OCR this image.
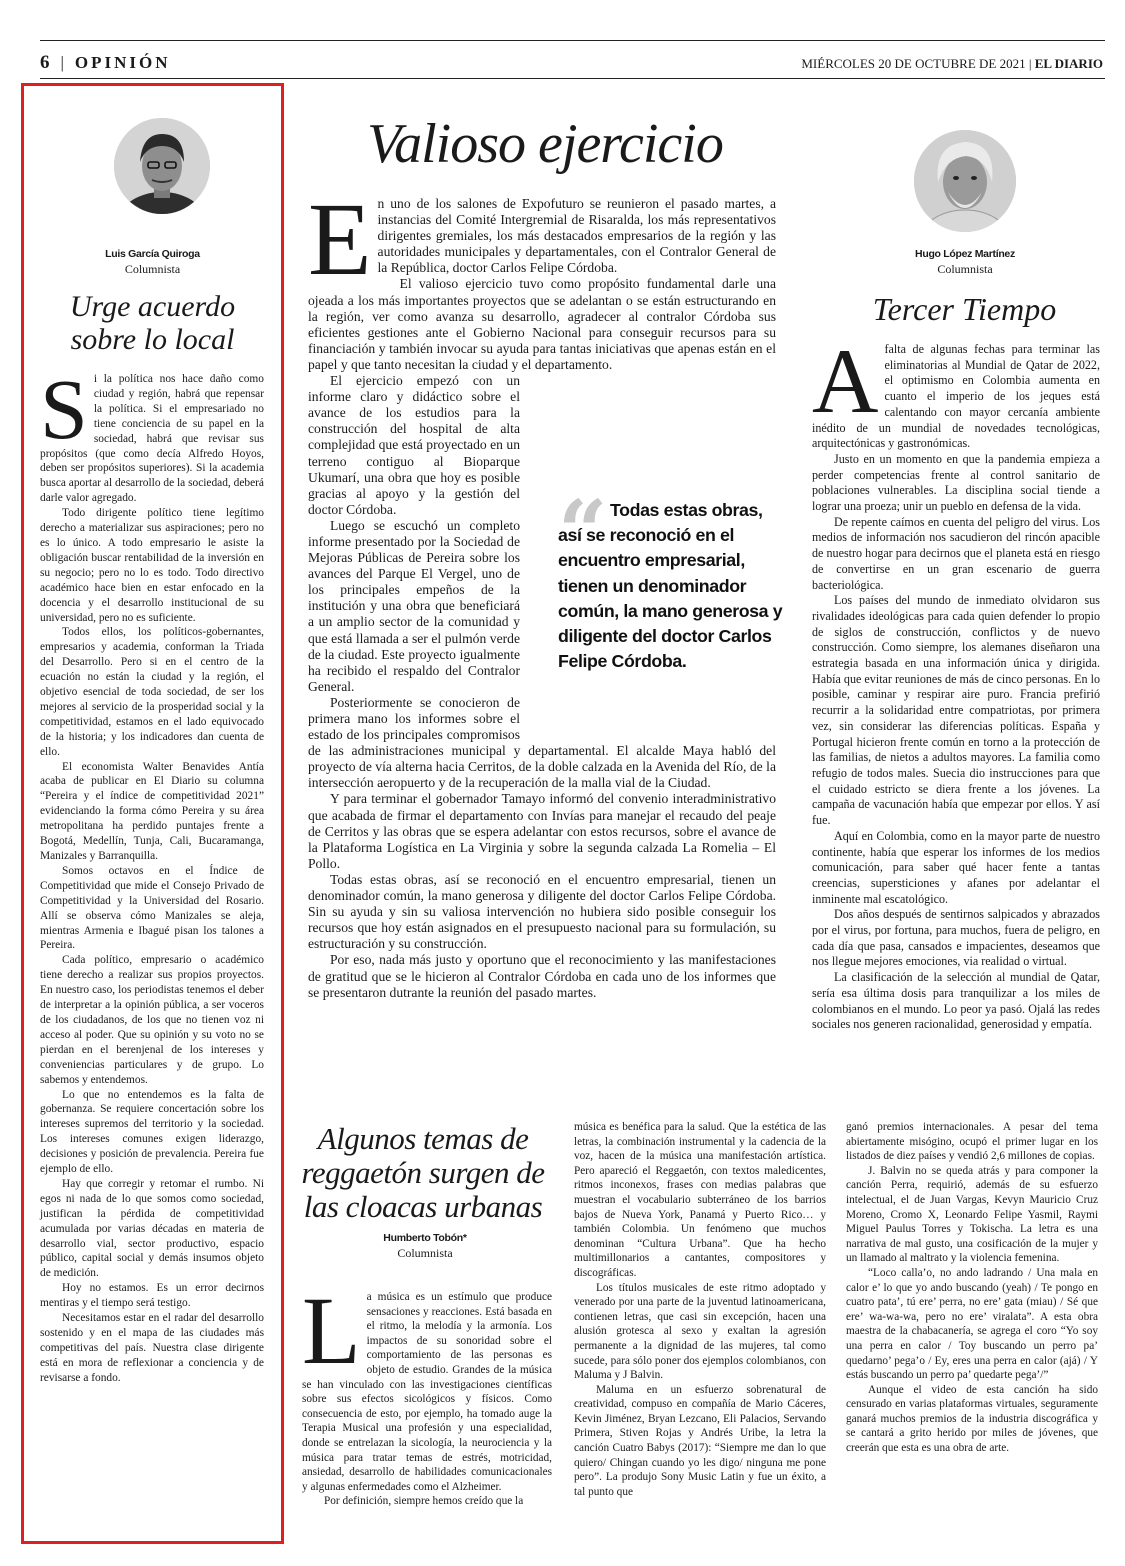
6 | OPINIÓN	MIÉRCOLES 20 DE OCTUBRE DE 2021 | EL DIARIO
Luis García Quiroga
Columnista
Urge acuerdo
sobre lo local
S i la política nos hace daño como ciudad y región, habrá que repensar la política. Si el empresariado no tiene conciencia de su papel en la sociedad, habrá que revisar sus propósitos (que como decía Alfredo Hoyos, deben ser propósitos superiores). Si la academia busca aportar al desarrollo de la sociedad, deberá darle valor agregado.

Todo dirigente político tiene legítimo derecho a materializar sus aspiraciones; pero no es lo único. A todo empresario le asiste la obligación buscar rentabilidad de la inversión en su negocio; pero no lo es todo. Todo directivo académico hace bien en estar enfocado en la docencia y el desarrollo institucional de su universidad, pero no es suficiente.

Todos ellos, los políticos-gobernantes, empresarios y academia, conforman la Triada del Desarrollo. Pero si en el centro de la ecuación no están la ciudad y la región, el objetivo esencial de toda sociedad, de ser los mejores al servicio de la prosperidad social y la competitividad, estamos en el lado equivocado de la historia; y los indicadores dan cuenta de ello.

El economista Walter Benavides Antía acaba de publicar en El Diario su columna “Pereira y el índice de competitividad 2021” evidenciando la forma cómo Pereira y su área metropolitana ha perdido puntajes frente a Bogotá, Medellín, Tunja, Cali, Bucaramanga, Manizales y Barranquilla.

Somos octavos en el Índice de Competitividad que mide el Consejo Privado de Competitividad y la Universidad del Rosario. Allí se observa cómo Manizales se aleja, mientras Armenia e Ibagué pisan los talones a Pereira.

Cada político, empresario o académico tiene derecho a realizar sus propios proyectos. En nuestro caso, los periodistas tenemos el deber de interpretar a la opinión pública, a ser voceros de los ciudadanos, de los que no tienen voz ni acceso al poder. Que su opinión y su voto no se pierdan en el berenjenal de los intereses y conveniencias particulares y de grupo. Lo sabemos y entendemos.

Lo que no entendemos es la falta de gobernanza. Se requiere concertación sobre los intereses supremos del territorio y la sociedad. Los intereses comunes exigen liderazgo, decisiones y posición de prevalencia. Pereira fue ejemplo de ello.

Hay que corregir y retomar el rumbo. Ni egos ni nada de lo que somos como sociedad, justifican la pérdida de competitividad acumulada por varias décadas en materia de desarrollo vial, sector productivo, espacio público, capital social y demás insumos objeto de medición.

Hoy no estamos. Es un error decirnos mentiras y el tiempo será testigo.

Necesitamos estar en el radar del desarrollo sostenido y en el mapa de las ciudades más competitivas del país. Nuestra clase dirigente está en mora de reflexionar a conciencia y de revisarse a fondo.

Valioso ejercicio
E n uno de los salones de Expofuturo se reunieron el pasado martes, a instancias del Comité Intergremial de Risaralda, los más representativos dirigentes gremiales, los más destacados empresarios de la región y las autoridades municipales y departamentales, con el Contralor General de la República, doctor Carlos Felipe Córdoba.

El valioso ejercicio tuvo como propósito fundamental darle una ojeada a los más importantes proyectos que se adelantan o se están estructurando en la región, ver como avanza su desarrollo, agradecer al contralor Córdoba sus eficientes gestiones ante el Gobierno Nacional para conseguir recursos para su financiación y también invocar su ayuda para tantas iniciativas que apenas están en el papel y que tanto necesitan la ciudad y el departamento.

El ejercicio empezó con un informe claro y didáctico sobre el avance de los estudios para la construcción del hospital de alta complejidad que está proyectado en un terreno contiguo al Bioparque Ukumarí, una obra que hoy es posible gracias al apoyo y la gestión del doctor Córdoba.

Luego se escuchó un completo informe presentado por la Sociedad de Mejoras Públicas de Pereira sobre los avances del Parque El Vergel, uno de los principales empeños de la institución y una obra que beneficiará a un amplio sector de la comunidad y que está llamada a ser el pulmón verde de la ciudad. Este proyecto igualmente ha recibido el respaldo del Contralor General.

Posteriormente se conocieron de primera mano los informes sobre el estado de los principales compromisos de las administraciones municipal y departamental. El alcalde Maya habló del proyecto de vía alterna hacia Cerritos, de la doble calzada en la Avenida del Río, de la intersección aeropuerto y de la recuperación de la malla vial de la Ciudad.

Y para terminar el gobernador Tamayo informó del convenio interadministrativo que acabada de firmar el departamento con Invías para manejar el recaudo del peaje de Cerritos y las obras que se espera adelantar con estos recursos, sobre el avance de la Plataforma Logística en La Virginia y sobre la segunda calzada La Romelia – El Pollo.

Todas estas obras, así se reconoció en el encuentro empresarial, tienen un denominador común, la mano generosa y diligente del doctor Carlos Felipe Córdoba. Sin su ayuda y sin su valiosa intervención no hubiera sido posible conseguir los recursos que hoy están asignados en el presupuesto nacional para su formulación, su estructuración y su construcción.

Por eso, nada más justo y oportuno que el reconocimiento y las manifestaciones de gratitud que se le hicieron al Contralor Córdoba en cada uno de los informes que se presentaron dutrante la reunión del pasado martes.

“ Todas estas obras, así se reconoció en el encuentro empresarial, tienen un denominador común, la mano generosa y diligente del doctor Carlos Felipe Córdoba.
Hugo López Martínez
Columnista
Tercer Tiempo
A falta de algunas fechas para terminar las eliminatorias al Mundial de Qatar de 2022, el optimismo en Colombia aumenta en cuanto el imperio de los jeques está calentando con mayor cercanía ambiente inédito de un mundial de novedades tecnológicas, arquitectónicas y gastronómicas.

Justo en un momento en que la pandemia empieza a perder competencias frente al control sanitario de poblaciones vulnerables. La disciplina social tiende a lograr una proeza; unir un pueblo en defensa de la vida.

De repente caímos en cuenta del peligro del virus. Los medios de información nos sacudieron del rincón apacible de nuestro hogar para decirnos que el planeta está en riesgo de convertirse en un gran escenario de guerra bacteriológica.

Los países del mundo de inmediato olvidaron sus rivalidades ideológicas para cada quien defender lo propio de siglos de construcción, conflictos y de nuevo construcción. Como siempre, los alemanes diseñaron una estrategia basada en una información única y dirigida. Había que evitar reuniones de más de cinco personas. En lo posible, caminar y respirar aire puro. Francia prefirió recurrir a la solidaridad entre compatriotas, por primera vez, sin considerar las diferencias políticas. España y Portugal hicieron frente común en torno a la protección de las familias, de nietos a adultos mayores. La familia como refugio de todos males. Suecia dio instrucciones para que el cuidado estricto se diera frente a los jóvenes. La campaña de vacunación había que empezar por ellos. Y así fue.

Aquí en Colombia, como en la mayor parte de nuestro continente, había que esperar los informes de los medios comunicación, para saber qué hacer fente a tantas creencias, supersticiones y afanes por adelantar el inminente mal escatológico.

Dos años después de sentirnos salpicados y abrazados por el virus, por fortuna, para muchos, fuera de peligro, en cada día que pasa, cansados e impacientes, deseamos que nos llegue mejores emociones, via realidad o virtual.

La clasificación de la selección al mundial de Qatar, sería esa última dosis para tranquilizar a los miles de colombianos en el mundo. Lo peor ya pasó. Ojalá las redes sociales nos generen racionalidad, generosidad y empatía.

Algunos temas de
reggaetón surgen de
las cloacas urbanas
Humberto Tobón*
Columnista
L a música es un estímulo que produce sensaciones y reacciones. Está basada en el ritmo, la melodía y la armonía. Los impactos de su sonoridad sobre el comportamiento de las personas es objeto de estudio. Grandes de la música se han vinculado con las investigaciones científicas sobre sus efectos sicológicos y físicos. Como consecuencia de esto, por ejemplo, ha tomado auge la Terapia Musical una profesión y una especialidad, donde se entrelazan la sicología, la neurociencia y la música para tratar temas de estrés, motricidad, ansiedad, desarrollo de habilidades comunicacionales y algunas enfermedades como el Alzheimer.

Por definición, siempre hemos creído que la

música es benéfica para la salud. Que la estética de las letras, la combinación instrumental y la cadencia de la voz, hacen de la música una manifestación artística. Pero apareció el Reggaetón, con textos maledicentes, ritmos inconexos, frases con medias palabras que muestran el vocabulario subterráneo de los barrios bajos de Nueva York, Panamá y Puerto Rico… y también Colombia. Un fenómeno que muchos denominan “Cultura Urbana”. Que ha hecho multimillonarios a cantantes, compositores y discográficas.

Los títulos musicales de este ritmo adoptado y venerado por una parte de la juventud latinoamericana, contienen letras, que casi sin excepción, hacen una alusión grotesca al sexo y exaltan la agresión permanente a la dignidad de las mujeres, tal como sucede, para sólo poner dos ejemplos colombianos, con Maluma y J Balvin.

Maluma en un esfuerzo sobrenatural de creatividad, compuso en compañía de Mario Cáceres, Kevin Jiménez, Bryan Lezcano, Eli Palacios, Servando Primera, Stiven Rojas y Andrés Uribe, la letra la canción Cuatro Babys (2017): “Siempre me dan lo que quiero/ Chingan cuando yo les digo/ ninguna me pone pero”. La produjo Sony Music Latin y fue un éxito, a tal punto que

ganó premios internacionales. A pesar del tema abiertamente misógino, ocupó el primer lugar en los listados de diez países y vendió 2,6 millones de copias.

J. Balvin no se queda atrás y para componer la canción Perra, requirió, además de su esfuerzo intelectual, el de Juan Vargas, Kevyn Mauricio Cruz Moreno, Cromo X, Leonardo Felipe Yasmil, Raymi Miguel Paulus Torres y Tokischa. La letra es una narrativa de mal gusto, una cosificación de la mujer y un llamado al maltrato y la violencia femenina.

“Loco calla’o, no ando ladrando / Una mala en calor e’ lo que yo ando buscando (yeah) / Te pongo en cuatro pata’, tú ere’ perra, no ere’ gata (miau) / Sé que ere’ wa-wa-wa, pero no ere’ viralata”. A esta obra maestra de la chabacanería, se agrega el coro “Yo soy una perra en calor / Toy buscando un perro pa’ quedarno’ pega’o / Ey, eres una perra en calor (ajá) / Y estás buscando un perro pa’ quedarte pega’/”

Aunque el video de esta canción ha sido censurado en varias plataformas virtuales, seguramente ganará muchos premios de la industria discográfica y se cantará a grito herido por miles de jóvenes, que creerán que esta es una obra de arte.
